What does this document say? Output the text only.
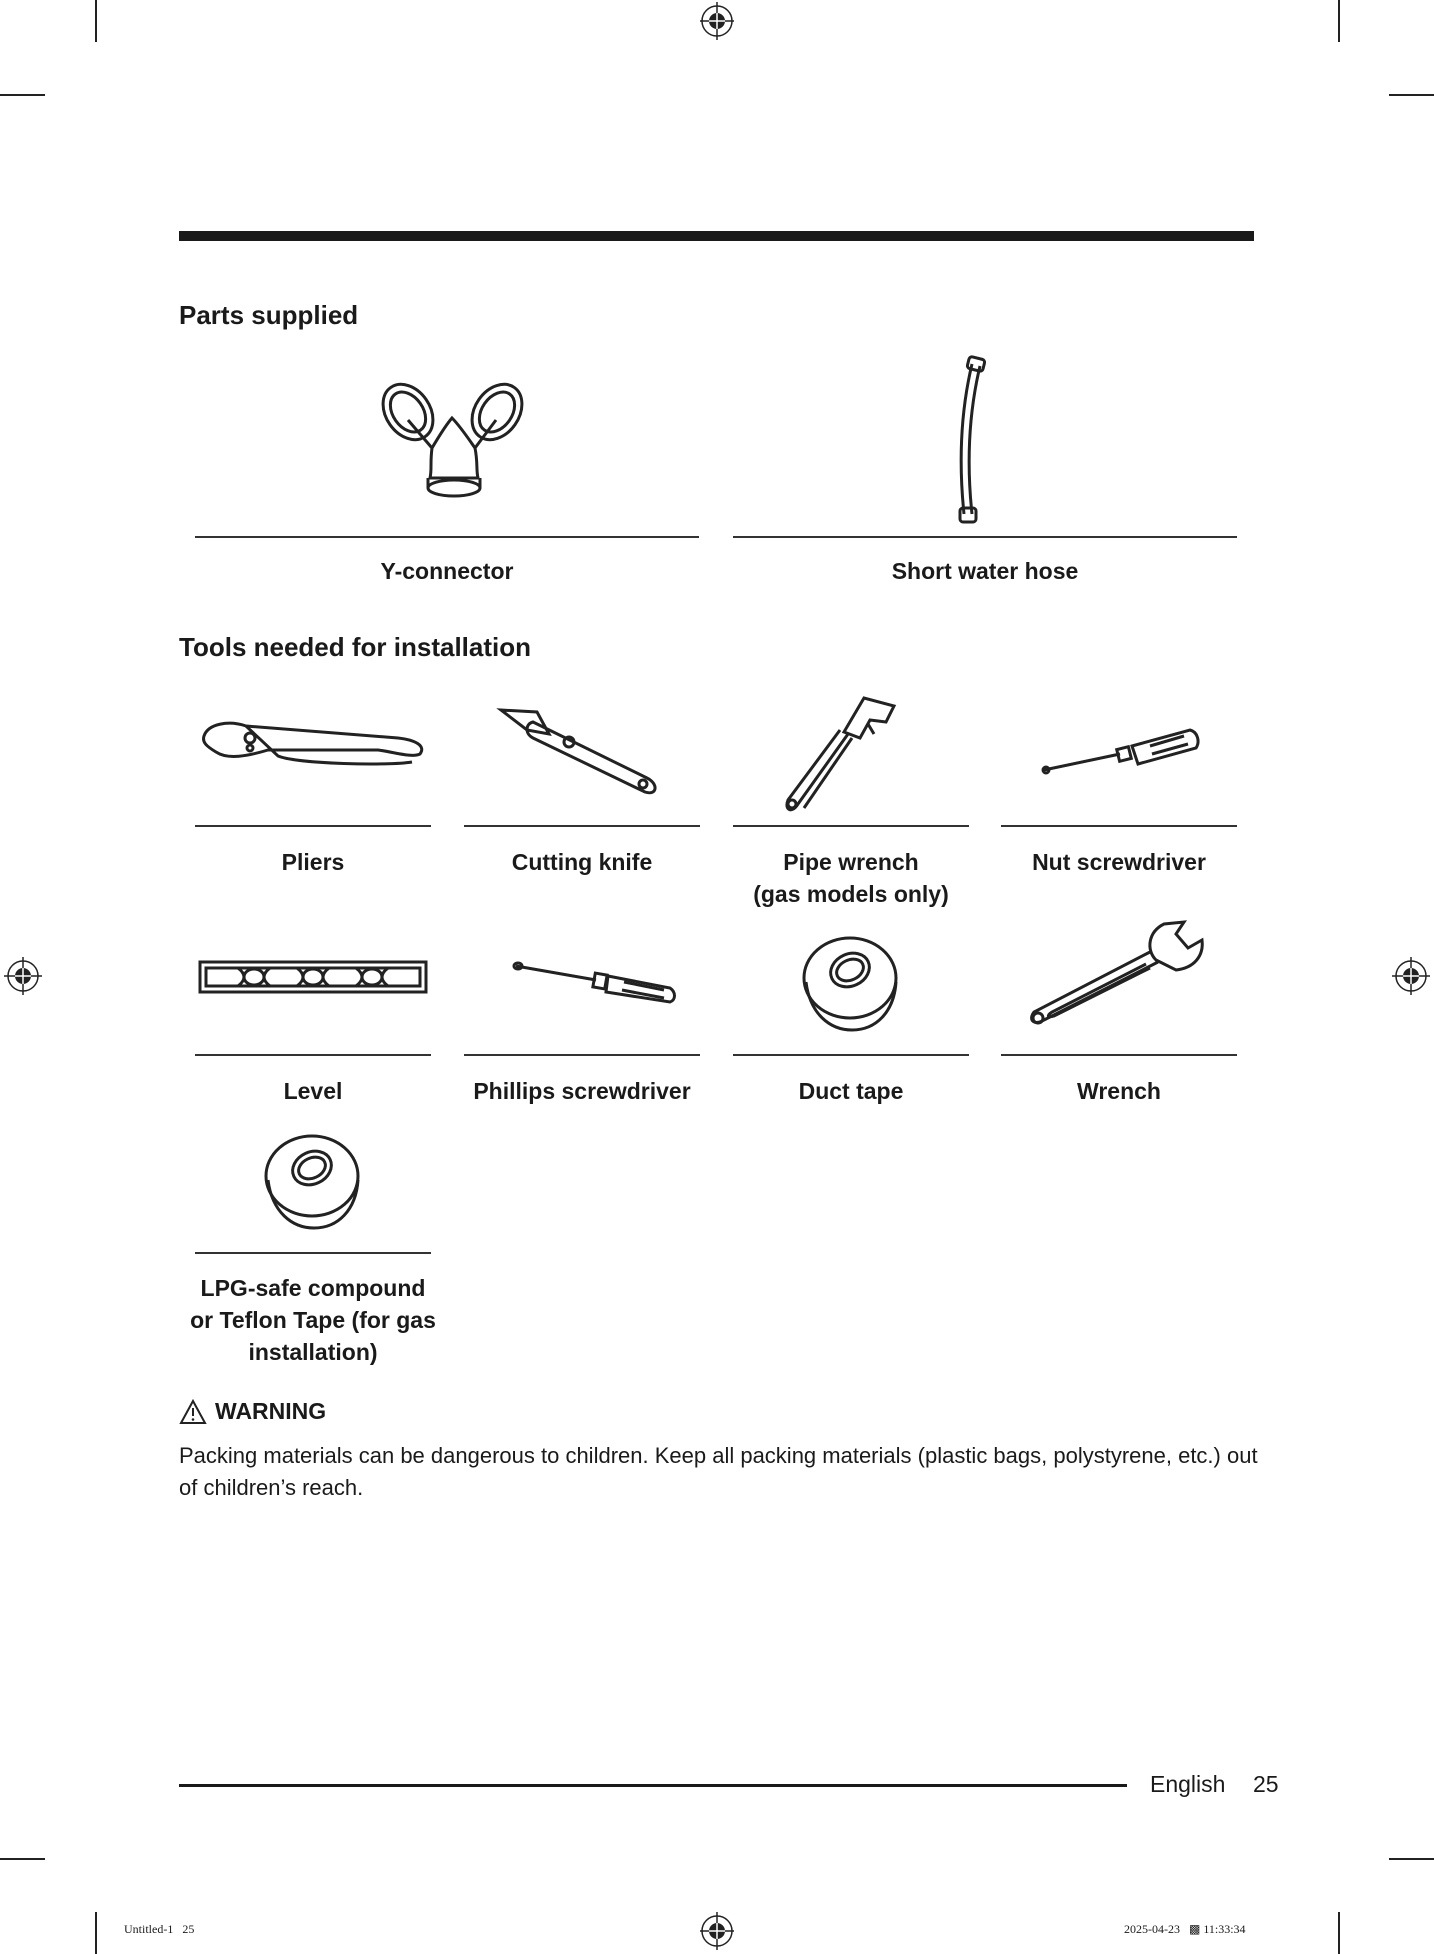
Parts supplied
Y-connector	Short water hose
Tools needed for installation
Pliers	Cutting knife	Pipe wrench
(gas models only)
Nut screwdriver
Level	Phillips screwdriver	Duct tape	Wrench
LPG-safe compound
or Teflon Tape (for gas
installation)
WARNING
Packing materials can be dangerous to children. Keep all packing materials (plastic bags, polystyrene, etc.) out of children’s reach.
English 25
Untitled-1   25	2025-04-23   ▩ 11:33:34
